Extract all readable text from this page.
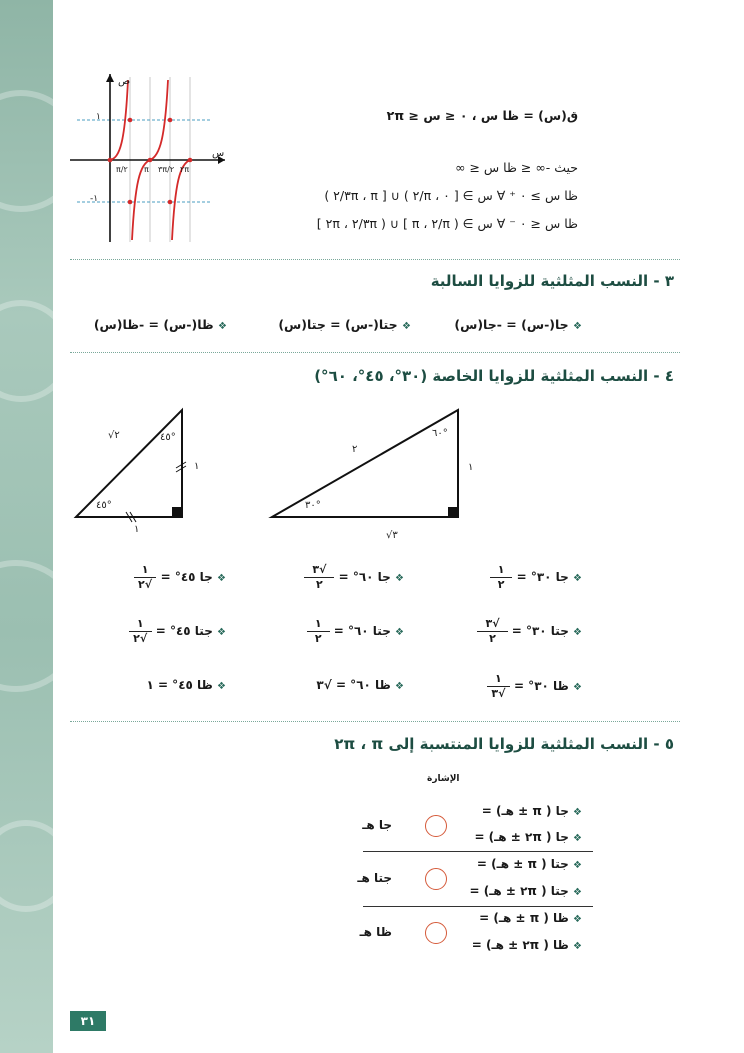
ص
س
١
-١
π/٢ π ٣π/٢ ٢π
ق(س) = ظا س ، ٠ ≤ س ≤ ٢π
حيث -∞ ≤ ظا س ≤ ∞
ظا س ≥ ٠ ⁺ ∀ س ∋ [ ٠ ، π/٢ ) ∪ [ π ، ٣π/٢ )
ظا س ≤ ٠ ⁻ ∀ س ∋ ( π/٢ ، π ] ∪ ( ٣π/٢ ، ٢π ]
٣ - النسب المثلثية للزوايا السالبة
❖ جا(-س) = -جا(س)
❖ جتا(-س) = جتا(س)
❖ ظا(-س) = -ظا(س)
٤ - النسب المثلثية للزوايا الخاصة (٣٠°، ٤٥°، ٦٠°)
٤٥°
٤٥°
√٢
١
١
٦٠°
٣٠°
٢
١
√٣
❖ جا ٣٠° =
$\frac{١}{٢}$
❖ جا ٦٠° =
$\frac{√٣}{٢}$
❖ جا ٤٥° =
$\frac{١}{√٢}$
❖ جتا ٣٠° =
$\frac{√٣}{٢}$
❖ جتا ٦٠° =
$\frac{١}{٢}$
❖ جتا ٤٥° =
$\frac{١}{√٢}$
❖ ظا ٣٠° =
$\frac{١}{√٣}$
❖ ظا ٦٠° = √٣
❖ ظا ٤٥° = ١
٥ - النسب المثلثية للزوايا المنتسبة إلى π ، ٢π
الإشارة
❖ جا ( π ± هـ) =
❖ جا ( ٢π ± هـ) =
جا هـ
❖ جتا ( π ± هـ) =
❖ جتا ( ٢π ± هـ) =
جتا هـ
❖ ظا ( π ± هـ) =
❖ ظا ( ٢π ± هـ) =
ظا هـ
٣١
